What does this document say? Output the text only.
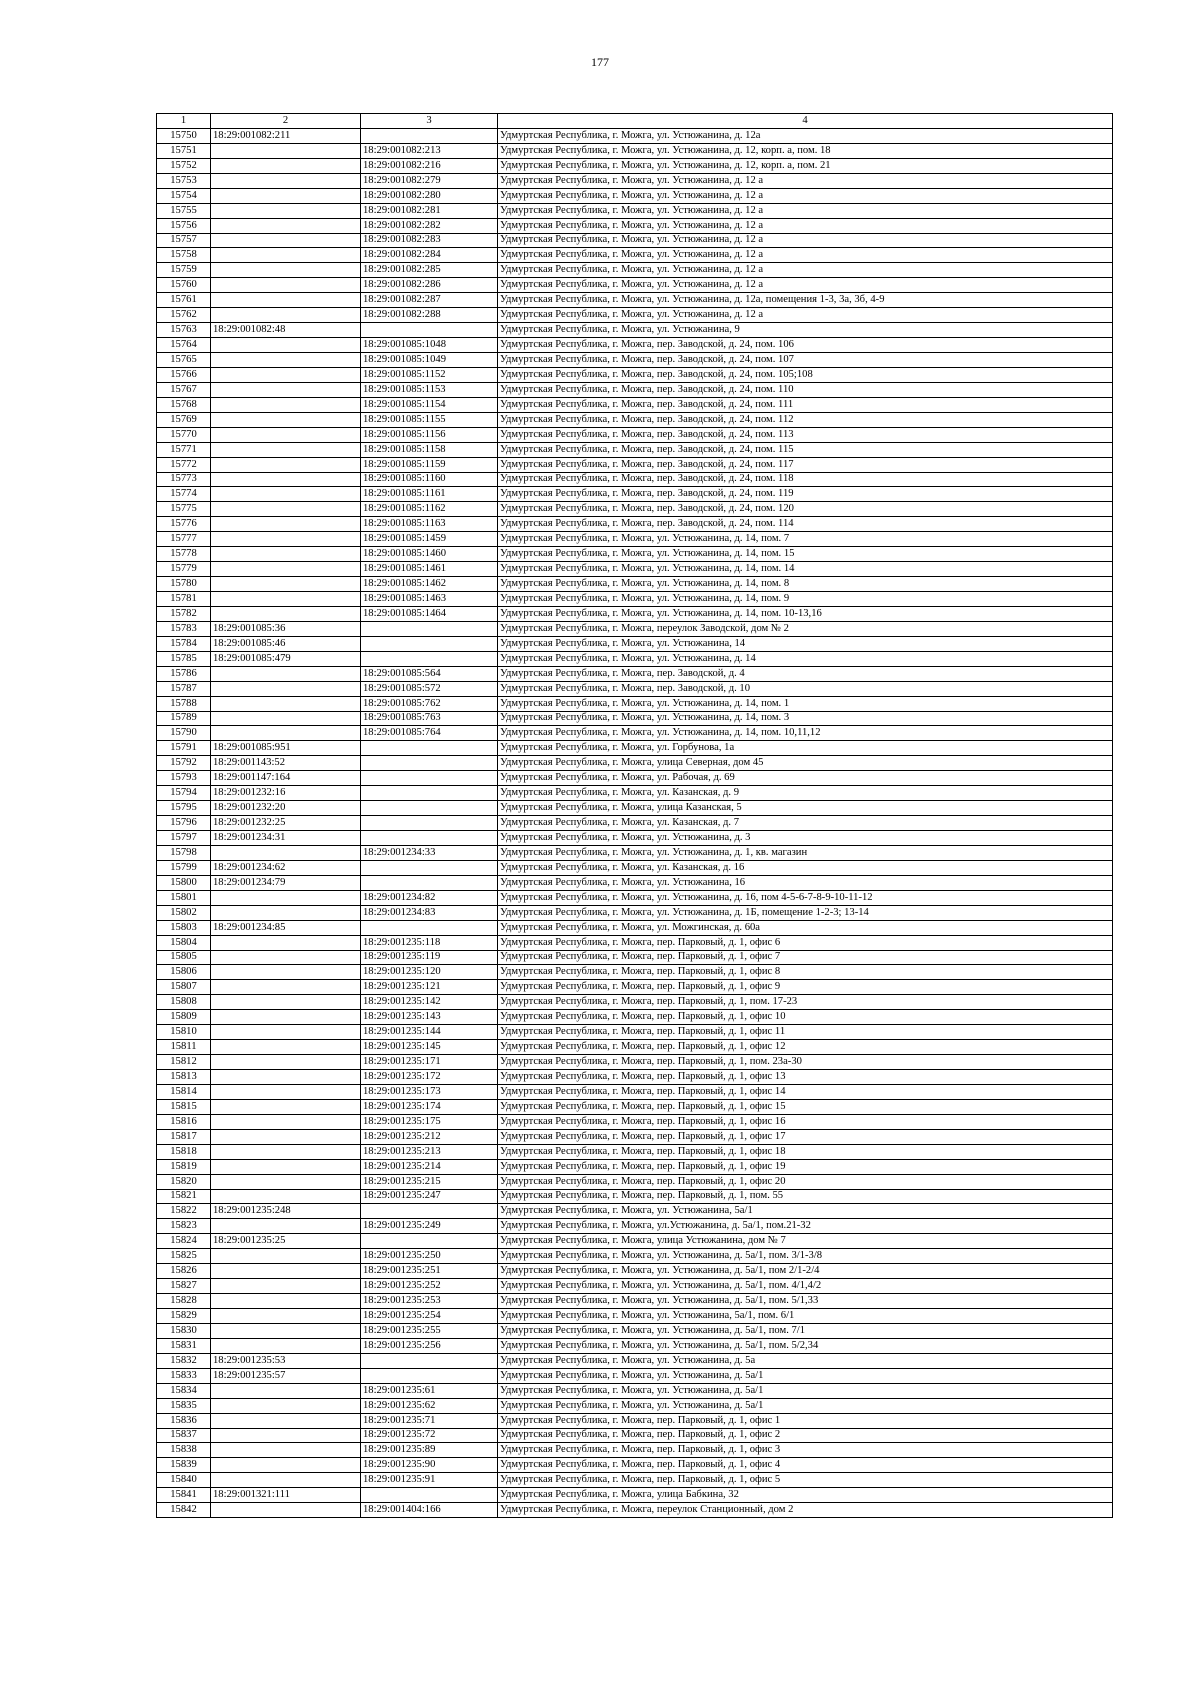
177
1	2	3	4
15750	18:29:001082:211		Удмуртская Республика, г. Можга, ул. Устюжанина, д. 12а
15751		18:29:001082:213	Удмуртская Республика, г. Можга, ул. Устюжанина, д. 12, корп. а, пом. 18
15752		18:29:001082:216	Удмуртская Республика, г. Можга, ул. Устюжанина, д. 12, корп. а, пом. 21
15753		18:29:001082:279	Удмуртская Республика, г. Можга, ул. Устюжанина, д. 12 а
15754		18:29:001082:280	Удмуртская Республика, г. Можга, ул. Устюжанина, д. 12 а
15755		18:29:001082:281	Удмуртская Республика, г. Можга, ул. Устюжанина, д. 12 а
15756		18:29:001082:282	Удмуртская Республика, г. Можга, ул. Устюжанина, д. 12 а
15757		18:29:001082:283	Удмуртская Республика, г. Можга, ул. Устюжанина, д. 12 а
15758		18:29:001082:284	Удмуртская Республика, г. Можга, ул. Устюжанина, д. 12 а
15759		18:29:001082:285	Удмуртская Республика, г. Можга, ул. Устюжанина, д. 12 а
15760		18:29:001082:286	Удмуртская Республика, г. Можга, ул. Устюжанина, д. 12 а
15761		18:29:001082:287	Удмуртская Республика, г. Можга, ул. Устюжанина, д. 12а, помещения 1-3, 3а, 3б, 4-9
15762		18:29:001082:288	Удмуртская Республика, г. Можга, ул. Устюжанина, д. 12 а
15763	18:29:001082:48		Удмуртская Республика, г. Можга, ул. Устюжанина, 9
15764		18:29:001085:1048	Удмуртская Республика, г. Можга, пер. Заводской, д. 24, пом. 106
15765		18:29:001085:1049	Удмуртская Республика, г. Можга, пер. Заводской, д. 24, пом. 107
15766		18:29:001085:1152	Удмуртская Республика, г. Можга, пер. Заводской, д. 24, пом. 105;108
15767		18:29:001085:1153	Удмуртская Республика, г. Можга, пер. Заводской, д. 24, пом. 110
15768		18:29:001085:1154	Удмуртская Республика, г. Можга, пер. Заводской, д. 24, пом. 111
15769		18:29:001085:1155	Удмуртская Республика, г. Можга, пер. Заводской, д. 24, пом. 112
15770		18:29:001085:1156	Удмуртская Республика, г. Можга, пер. Заводской, д. 24, пом. 113
15771		18:29:001085:1158	Удмуртская Республика, г. Можга, пер. Заводской, д. 24, пом. 115
15772		18:29:001085:1159	Удмуртская Республика, г. Можга, пер. Заводской, д. 24, пом. 117
15773		18:29:001085:1160	Удмуртская Республика, г. Можга, пер. Заводской, д. 24, пом. 118
15774		18:29:001085:1161	Удмуртская Республика, г. Можга, пер. Заводской, д. 24, пом. 119
15775		18:29:001085:1162	Удмуртская Республика, г. Можга, пер. Заводской, д. 24, пом. 120
15776		18:29:001085:1163	Удмуртская Республика, г. Можга, пер. Заводской, д. 24, пом. 114
15777		18:29:001085:1459	Удмуртская Республика, г. Можга, ул. Устюжанина, д. 14, пом. 7
15778		18:29:001085:1460	Удмуртская Республика, г. Можга, ул. Устюжанина, д. 14, пом. 15
15779		18:29:001085:1461	Удмуртская Республика, г. Можга, ул. Устюжанина, д. 14, пом. 14
15780		18:29:001085:1462	Удмуртская Республика, г. Можга, ул. Устюжанина, д. 14, пом. 8
15781		18:29:001085:1463	Удмуртская Республика, г. Можга, ул. Устюжанина, д. 14, пом. 9
15782		18:29:001085:1464	Удмуртская Республика, г. Можга, ул. Устюжанина, д. 14, пом. 10-13,16
15783	18:29:001085:36		Удмуртская Республика, г. Можга, переулок Заводской, дом № 2
15784	18:29:001085:46		Удмуртская Республика, г. Можга, ул. Устюжанина, 14
15785	18:29:001085:479		Удмуртская Республика, г. Можга, ул. Устюжанина, д. 14
15786		18:29:001085:564	Удмуртская Республика, г. Можга, пер. Заводской, д. 4
15787		18:29:001085:572	Удмуртская Республика, г. Можга, пер. Заводской, д. 10
15788		18:29:001085:762	Удмуртская Республика, г. Можга, ул. Устюжанина, д. 14, пом. 1
15789		18:29:001085:763	Удмуртская Республика, г. Можга, ул. Устюжанина, д. 14, пом. 3
15790		18:29:001085:764	Удмуртская Республика, г. Можга, ул. Устюжанина, д. 14, пом. 10,11,12
15791	18:29:001085:951		Удмуртская Республика, г. Можга, ул. Горбунова, 1а
15792	18:29:001143:52		Удмуртская Республика, г. Можга, улица Северная, дом 45
15793	18:29:001147:164		Удмуртская Республика, г. Можга, ул. Рабочая, д. 69
15794	18:29:001232:16		Удмуртская Республика, г. Можга, ул. Казанская, д. 9
15795	18:29:001232:20		Удмуртская Республика, г. Можга, улица Казанская, 5
15796	18:29:001232:25		Удмуртская Республика, г. Можга, ул. Казанская, д. 7
15797	18:29:001234:31		Удмуртская Республика, г. Можга, ул. Устюжанина, д. 3
15798		18:29:001234:33	Удмуртская Республика, г. Можга, ул. Устюжанина, д. 1, кв. магазин
15799	18:29:001234:62		Удмуртская Республика, г. Можга, ул. Казанская, д. 16
15800	18:29:001234:79		Удмуртская Республика, г. Можга, ул. Устюжанина, 16
15801		18:29:001234:82	Удмуртская Республика, г. Можга, ул. Устюжанина, д. 16, пом 4-5-6-7-8-9-10-11-12
15802		18:29:001234:83	Удмуртская Республика, г. Можга, ул. Устюжанина, д. 1Б, помещение 1-2-3; 13-14
15803	18:29:001234:85		Удмуртская Республика, г. Можга, ул. Можгинская, д. 60а
15804		18:29:001235:118	Удмуртская Республика, г. Можга, пер. Парковый, д. 1, офис 6
15805		18:29:001235:119	Удмуртская Республика, г. Можга, пер. Парковый, д. 1, офис 7
15806		18:29:001235:120	Удмуртская Республика, г. Можга, пер. Парковый, д. 1, офис 8
15807		18:29:001235:121	Удмуртская Республика, г. Можга, пер. Парковый, д. 1, офис 9
15808		18:29:001235:142	Удмуртская Республика, г. Можга, пер. Парковый, д. 1, пом. 17-23
15809		18:29:001235:143	Удмуртская Республика, г. Можга, пер. Парковый, д. 1, офис 10
15810		18:29:001235:144	Удмуртская Республика, г. Можга, пер. Парковый, д. 1, офис 11
15811		18:29:001235:145	Удмуртская Республика, г. Можга, пер. Парковый, д. 1, офис 12
15812		18:29:001235:171	Удмуртская Республика, г. Можга, пер. Парковый, д. 1, пом. 23а-30
15813		18:29:001235:172	Удмуртская Республика, г. Можга, пер. Парковый, д. 1, офис 13
15814		18:29:001235:173	Удмуртская Республика, г. Можга, пер. Парковый, д. 1, офис 14
15815		18:29:001235:174	Удмуртская Республика, г. Можга, пер. Парковый, д. 1, офис 15
15816		18:29:001235:175	Удмуртская Республика, г. Можга, пер. Парковый, д. 1, офис 16
15817		18:29:001235:212	Удмуртская Республика, г. Можга, пер. Парковый, д. 1, офис 17
15818		18:29:001235:213	Удмуртская Республика, г. Можга, пер. Парковый, д. 1, офис 18
15819		18:29:001235:214	Удмуртская Республика, г. Можга, пер. Парковый, д. 1, офис 19
15820		18:29:001235:215	Удмуртская Республика, г. Можга, пер. Парковый, д. 1, офис 20
15821		18:29:001235:247	Удмуртская Республика, г. Можга, пер. Парковый, д. 1, пом. 55
15822	18:29:001235:248		Удмуртская Республика, г. Можга, ул. Устюжанина, 5а/1
15823		18:29:001235:249	Удмуртская Республика, г. Можга, ул.Устюжанина, д. 5а/1, пом.21-32
15824	18:29:001235:25		Удмуртская Республика, г. Можга, улица Устюжанина, дом № 7
15825		18:29:001235:250	Удмуртская Республика, г. Можга, ул. Устюжанина, д. 5а/1, пом. 3/1-3/8
15826		18:29:001235:251	Удмуртская Республика, г. Можга, ул. Устюжанина, д. 5а/1, пом 2/1-2/4
15827		18:29:001235:252	Удмуртская Республика, г. Можга, ул. Устюжанина, д. 5а/1, пом. 4/1,4/2
15828		18:29:001235:253	Удмуртская Республика, г. Можга, ул. Устюжанина, д. 5а/1, пом. 5/1,33
15829		18:29:001235:254	Удмуртская Республика, г. Можга, ул. Устюжанина, 5а/1, пом. 6/1
15830		18:29:001235:255	Удмуртская Республика, г. Можга, ул. Устюжанина, д. 5а/1, пом. 7/1
15831		18:29:001235:256	Удмуртская Республика, г. Можга, ул. Устюжанина, д. 5а/1, пом. 5/2,34
15832	18:29:001235:53		Удмуртская Республика, г. Можга, ул. Устюжанина, д. 5а
15833	18:29:001235:57		Удмуртская Республика, г. Можга, ул. Устюжанина, д. 5а/1
15834		18:29:001235:61	Удмуртская Республика, г. Можга, ул. Устюжанина, д. 5а/1
15835		18:29:001235:62	Удмуртская Республика, г. Можга, ул. Устюжанина, д. 5а/1
15836		18:29:001235:71	Удмуртская Республика, г. Можга, пер. Парковый, д. 1, офис 1
15837		18:29:001235:72	Удмуртская Республика, г. Можга, пер. Парковый, д. 1, офис 2
15838		18:29:001235:89	Удмуртская Республика, г. Можга, пер. Парковый, д. 1, офис 3
15839		18:29:001235:90	Удмуртская Республика, г. Можга, пер. Парковый, д. 1, офис 4
15840		18:29:001235:91	Удмуртская Республика, г. Можга, пер. Парковый, д. 1, офис 5
15841	18:29:001321:111		Удмуртская Республика, г. Можга, улица Бабкина, 32
15842		18:29:001404:166	Удмуртская Республика, г. Можга, переулок Станционный, дом 2
